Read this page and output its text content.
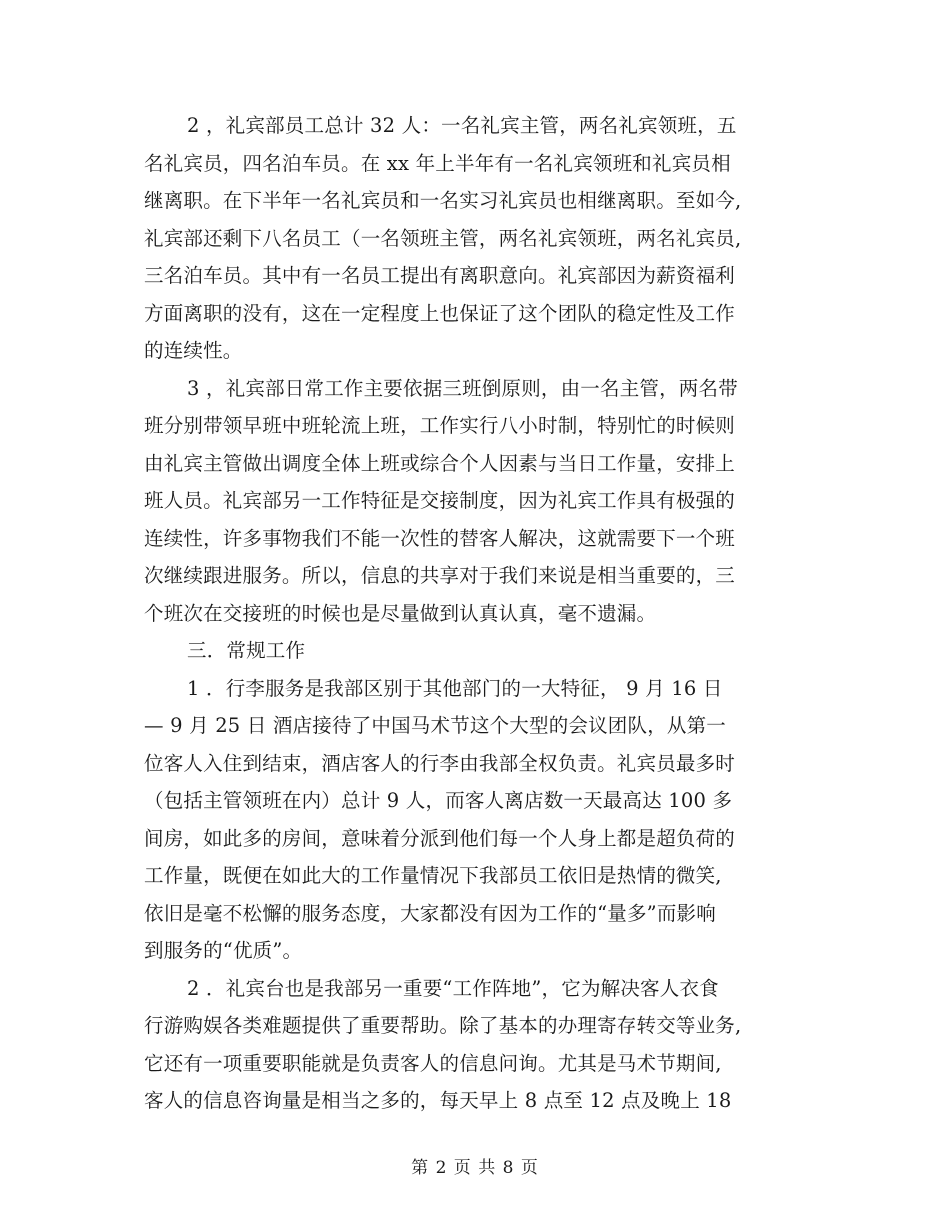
2 ，礼宾部员工总计 32 人：一名礼宾主管，两名礼宾领班，五
名礼宾员，四名泊车员。在 xx 年上半年有一名礼宾领班和礼宾员相
继离职。在下半年一名礼宾员和一名实习礼宾员也相继离职。至如今,
礼宾部还剩下八名员工（一名领班主管，两名礼宾领班，两名礼宾员,
三名泊车员。其中有一名员工提出有离职意向。礼宾部因为薪资福利
方面离职的没有，这在一定程度上也保证了这个团队的稳定性及工作
的连续性。
3 ，礼宾部日常工作主要依据三班倒原则，由一名主管，两名带
班分别带领早班中班轮流上班，工作实行八小时制，特别忙的时候则
由礼宾主管做出调度全体上班或综合个人因素与当日工作量，安排上
班人员。礼宾部另一工作特征是交接制度，因为礼宾工作具有极强的
连续性，许多事物我们不能一次性的替客人解决，这就需要下一个班
次继续跟进服务。所以，信息的共享对于我们来说是相当重要的，三
个班次在交接班的时候也是尽量做到认真认真，毫不遗漏。
三．常规工作
1 ．行李服务是我部区别于其他部门的一大特征， 9 月 16 日
— 9 月 25 日 酒店接待了中国马术节这个大型的会议团队，从第一
位客人入住到结束，酒店客人的行李由我部全权负责。礼宾员最多时
（包括主管领班在内）总计 9 人，而客人离店数一天最高达 100 多
间房，如此多的房间，意味着分派到他们每一个人身上都是超负荷的
工作量，既便在如此大的工作量情况下我部员工依旧是热情的微笑,
依旧是毫不松懈的服务态度，大家都没有因为工作的“量多”而影响
到服务的“优质”。
2 ．礼宾台也是我部另一重要“工作阵地”，它为解决客人衣食
行游购娱各类难题提供了重要帮助。除了基本的办理寄存转交等业务,
它还有一项重要职能就是负责客人的信息问询。尤其是马术节期间,
客人的信息咨询量是相当之多的，每天早上 8 点至 12 点及晚上 18
第 2 页 共 8 页
